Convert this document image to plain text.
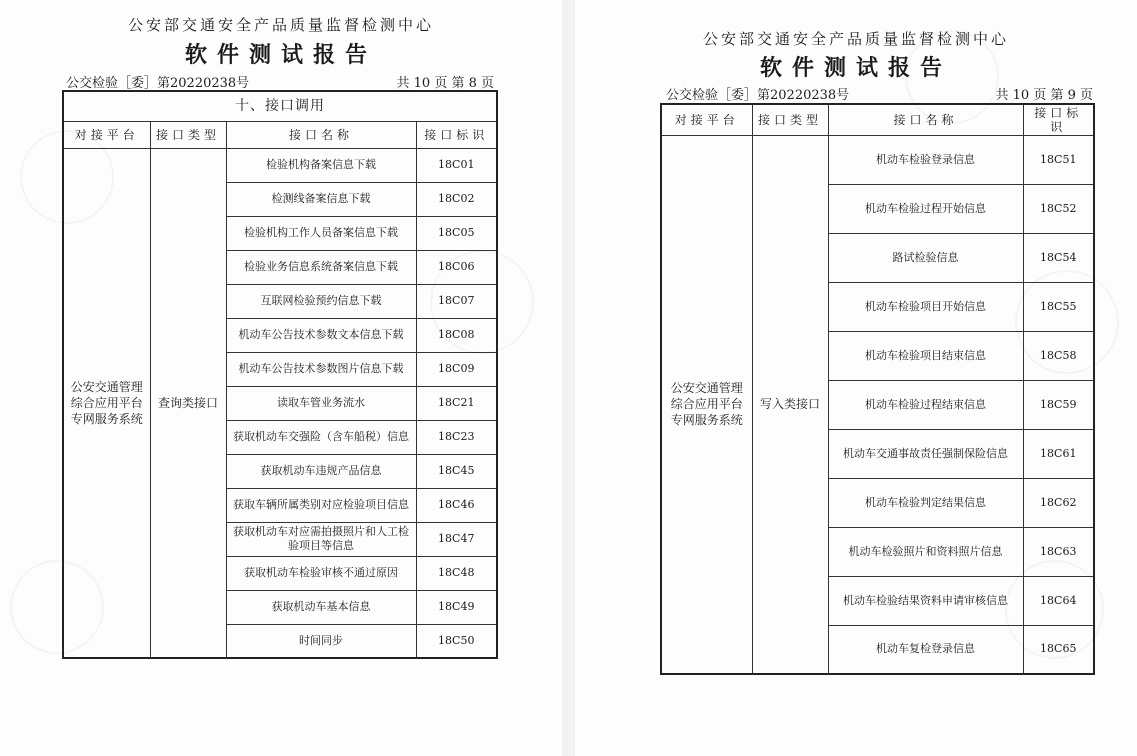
公安部交通安全产品质量监督检测中心
软件测试报告
公交检验［委］第20220238号	共 10 页 第 8 页
十、接口调用			
对接平台	接口类型	接口名称	接口标识
公安交通管理综合应用平台专网服务系统	查询类接口	检验机构备案信息下载	18C01
		检测线备案信息下载	18C02
		检验机构工作人员备案信息下载	18C05
		检验业务信息系统备案信息下载	18C06
		互联网检验预约信息下载	18C07
		机动车公告技术参数文本信息下载	18C08
		机动车公告技术参数图片信息下载	18C09
		读取车管业务流水	18C21
		获取机动车交强险（含车船税）信息	18C23
		获取机动车违规产品信息	18C45
		获取车辆所属类别对应检验项目信息	18C46
		获取机动车对应需拍摄照片和人工检验项目等信息	18C47
		获取机动车检验审核不通过原因	18C48
		获取机动车基本信息	18C49
		时间同步	18C50
公安部交通安全产品质量监督检测中心
软件测试报告
公交检验［委］第20220238号	共 10 页 第 9 页
对接平台	接口类型	接口名称	接口标识
公安交通管理综合应用平台专网服务系统	写入类接口	机动车检验登录信息	18C51
		机动车检验过程开始信息	18C52
		路试检验信息	18C54
		机动车检验项目开始信息	18C55
		机动车检验项目结束信息	18C58
		机动车检验过程结束信息	18C59
		机动车交通事故责任强制保险信息	18C61
		机动车检验判定结果信息	18C62
		机动车检验照片和资料照片信息	18C63
		机动车检验结果资料申请审核信息	18C64
		机动车复检登录信息	18C65
